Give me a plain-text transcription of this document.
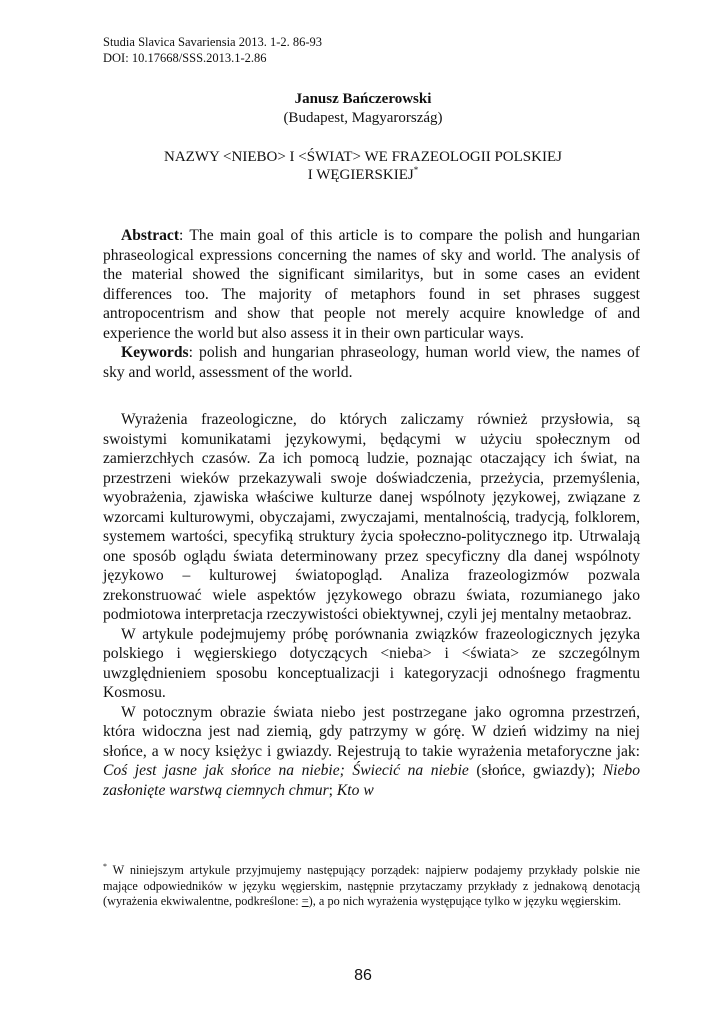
Studia Slavica Savariensia 2013. 1-2. 86-93
DOI: 10.17668/SSS.2013.1-2.86
Janusz Bańczerowski
(Budapest, Magyarország)
NAZWY <NIEBO> I <ŚWIAT> WE FRAZEOLOGII POLSKIEJ
I WĘGIERSKIEJ*

Abstract: The main goal of this article is to compare the polish and hungarian phraseological expressions concerning the names of sky and world. The analysis of the material showed the significant similaritys, but in some cases an evident differences too. The majority of metaphors found in set phrases suggest antropocentrism and show that people not merely acquire knowledge of and experience the world but also assess it in their own particular ways.

Keywords: polish and hungarian phraseology, human world view, the names of sky and world, assessment of the world.

Wyrażenia frazeologiczne, do których zaliczamy również przysłowia, są swoistymi komunikatami językowymi, będącymi w użyciu społecznym od zamierzchłych czasów. Za ich pomocą ludzie, poznając otaczający ich świat, na przestrzeni wieków przekazywali swoje doświadczenia, przeżycia, przemyślenia, wyobrażenia, zjawiska właściwe kulturze danej wspólnoty językowej, związane z wzorcami kulturowymi, obyczajami, zwyczajami, mentalnością, tradycją, folklorem, systemem wartości, specyfiką struktury życia społeczno-politycznego itp. Utrwalają one sposób oglądu świata determinowany przez specyficzny dla danej wspólnoty językowo – kulturowej światopogląd. Analiza frazeologizmów pozwala zrekonstruować wiele aspektów językowego obrazu świata, rozumianego jako podmiotowa interpretacja rzeczywistości obiektywnej, czyli jej mentalny metaobraz.

W artykule podejmujemy próbę porównania związków frazeologicznych języka polskiego i węgierskiego dotyczących <nieba> i <świata> ze szczególnym uwzględnieniem sposobu konceptualizacji i kategoryzacji odnośnego fragmentu Kosmosu.

W potocznym obrazie świata niebo jest postrzegane jako ogromna przestrzeń, która widoczna jest nad ziemią, gdy patrzymy w górę. W dzień widzimy na niej słońce, a w nocy księżyc i gwiazdy. Rejestrują to takie wyrażenia metaforyczne jak: Coś jest jasne jak słońce na niebie; Świecić na niebie (słońce, gwiazdy); Niebo zasłonięte warstwą ciemnych chmur; Kto w

* W niniejszym artykule przyjmujemy następujący porządek: najpierw podajemy przykłady polskie nie mające odpowiedników w języku węgierskim, następnie przytaczamy przykłady z jednakową denotacją (wyrażenia ekwiwalentne, podkreślone: =), a po nich wyrażenia występujące tylko w języku węgierskim.
86
